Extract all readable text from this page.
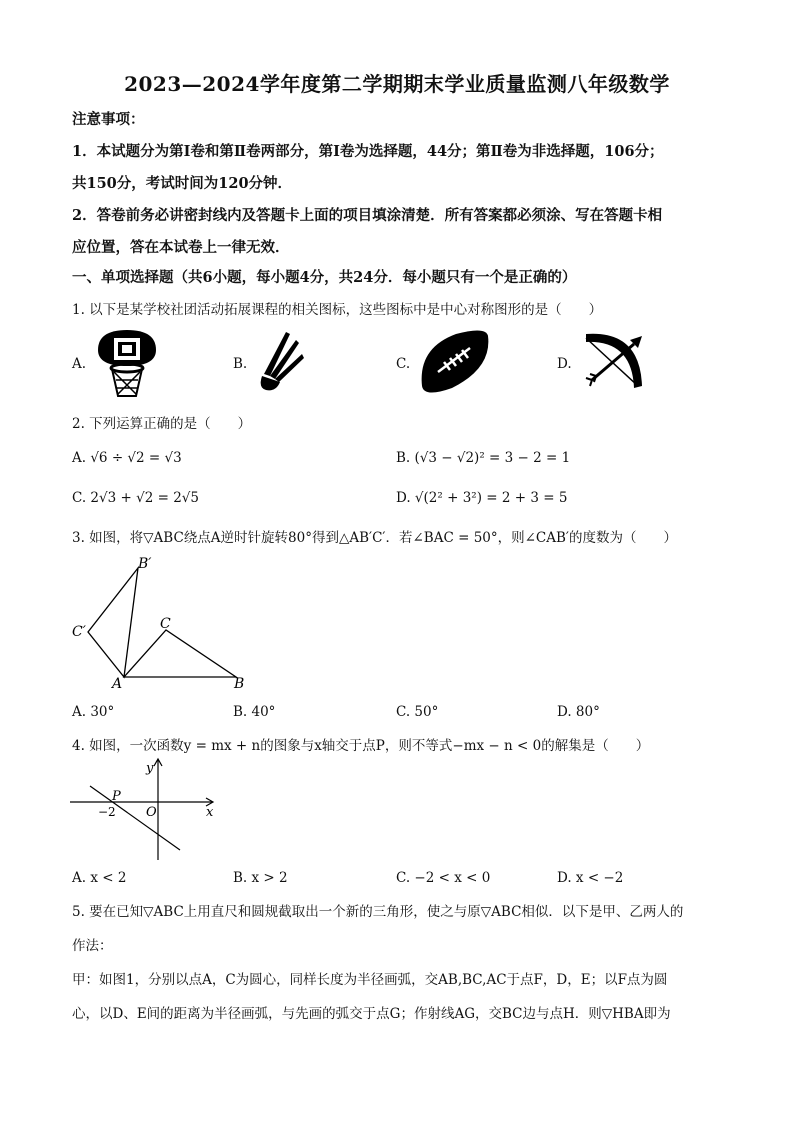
2023—2024学年度第二学期期末学业质量监测八年级数学
注意事项：
1．本试题分为第Ⅰ卷和第Ⅱ卷两部分，第Ⅰ卷为选择题，44分；第Ⅱ卷为非选择题，106分；
共150分，考试时间为120分钟．
2．答卷前务必讲密封线内及答题卡上面的项目填涂清楚．所有答案都必须涂、写在答题卡相
应位置，答在本试卷上一律无效．
一、单项选择题（共6小题，每小题4分，共24分．每小题只有一个是正确的）
1. 以下是某学校社团活动拓展课程的相关图标，这些图标中是中心对称图形的是（　　）
A.	B.	C.	D.
2. 下列运算正确的是（　　）
A. √6 ÷ √2 = √3	B. (√3 − √2)² = 3 − 2 = 1
C. 2√3 + √2 = 2√5	D. √(2² + 3²) = 2 + 3 = 5
3. 如图，将▽ABC绕点A逆时针旋转80°得到△AB′C′．若∠BAC = 50°，则∠CAB′的度数为（　　）
B′
C′	C
A	B
A. 30°	B. 40°	C. 50°	D. 80°
4. 如图，一次函数y = mx + n的图象与x轴交于点P，则不等式−mx − n < 0的解集是（　　）
y
x
O
P
−2
A. x < 2	B. x > 2	C. −2 < x < 0	D. x < −2
5. 要在已知▽ABC上用直尺和圆规截取出一个新的三角形，使之与原▽ABC相似．以下是甲、乙两人的
作法：
甲：如图1，分别以点A，C为圆心，同样长度为半径画弧，交AB,BC,AC于点F，D，E；以F点为圆
心，以D、E间的距离为半径画弧，与先画的弧交于点G；作射线AG，交BC边与点H．则▽HBA即为
